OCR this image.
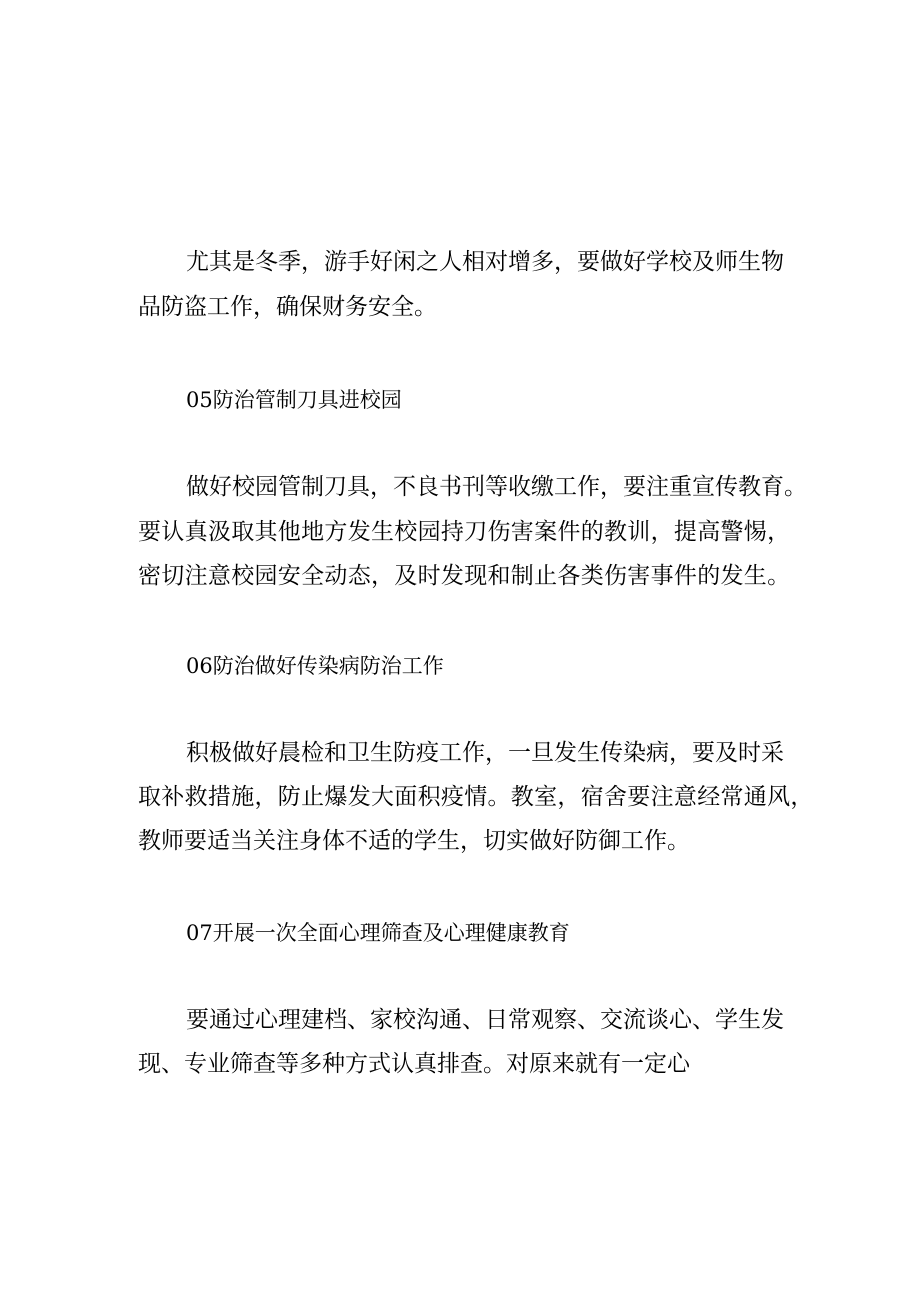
尤其是冬季，游手好闲之人相对增多，要做好学校及师生物
品防盗工作，确保财务安全。
05防治管制刀具进校园
做好校园管制刀具，不良书刊等收缴工作，要注重宣传教育。
要认真汲取其他地方发生校园持刀伤害案件的教训，提高警惕，
密切注意校园安全动态，及时发现和制止各类伤害事件的发生。
06防治做好传染病防治工作
积极做好晨检和卫生防疫工作，一旦发生传染病，要及时采
取补救措施，防止爆发大面积疫情。教室，宿舍要注意经常通风，
教师要适当关注身体不适的学生，切实做好防御工作。
07开展一次全面心理筛查及心理健康教育
要通过心理建档、家校沟通、日常观察、交流谈心、学生发
现、专业筛查等多种方式认真排查。对原来就有一定心
